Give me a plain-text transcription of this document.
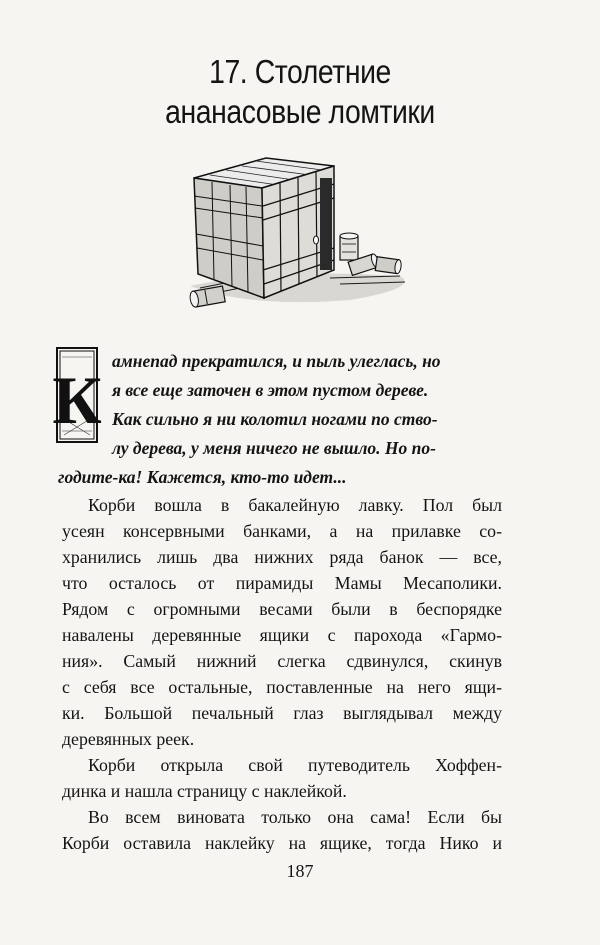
17. Столетние
ананасовые ломтики
К
амнепад прекратился, и пыль улеглась, но
я все еще заточен в этом пустом дереве.
Как сильно я ни колотил ногами по ство-
лу дерева, у меня ничего не вышло. Но по-
годите-ка! Кажется, кто-то идет...
Корби вошла в бакалейную лавку. Пол был
усеян консервными банками, а на прилавке со-
хранились лишь два нижних ряда банок — все,
что осталось от пирамиды Мамы Месаполики.
Рядом с огромными весами были в беспорядке
навалены деревянные ящики с парохода «Гармо-
ния». Самый нижний слегка сдвинулся, скинув
с себя все остальные, поставленные на него ящи-
ки. Большой печальный глаз выглядывал между
деревянных реек.
Корби открыла свой путеводитель Хоффен-
динка и нашла страницу с наклейкой.
Во всем виновата только она сама! Если бы
Корби оставила наклейку на ящике, тогда Нико и
187
